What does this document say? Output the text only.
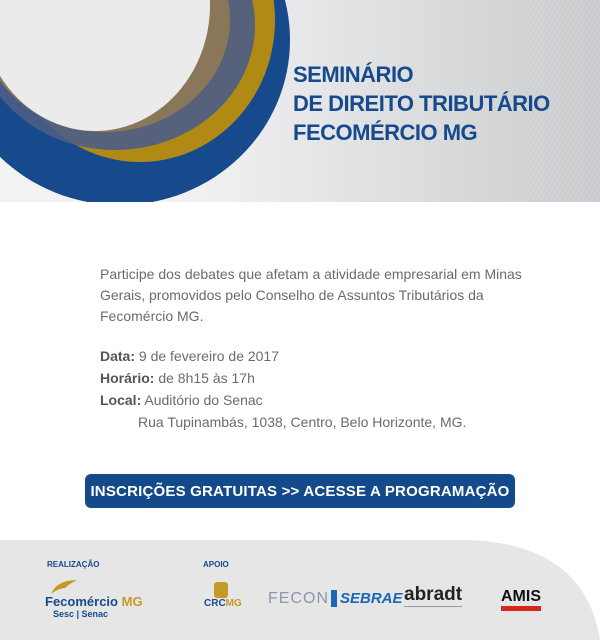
SEMINÁRIO
DE DIREITO TRIBUTÁRIO
FECOMÉRCIO MG

Participe dos debates que afetam a atividade empresarial em Minas Gerais, promovidos pelo Conselho de Assuntos Tributários da Fecomércio MG.

Data: 9 de fevereiro de 2017
Horário: de 8h15 às 17h
Local: Auditório do Senac
Rua Tupinambás, 1038, Centro, Belo Horizonte, MG.
INSCRIÇÕES GRATUITAS >> ACESSE A PROGRAMAÇÃO
REALIZAÇÃO	APOIO
Fecomércio MG
Sesc | Senac
CRCMG FECON SEBRAE abradt AMIS
